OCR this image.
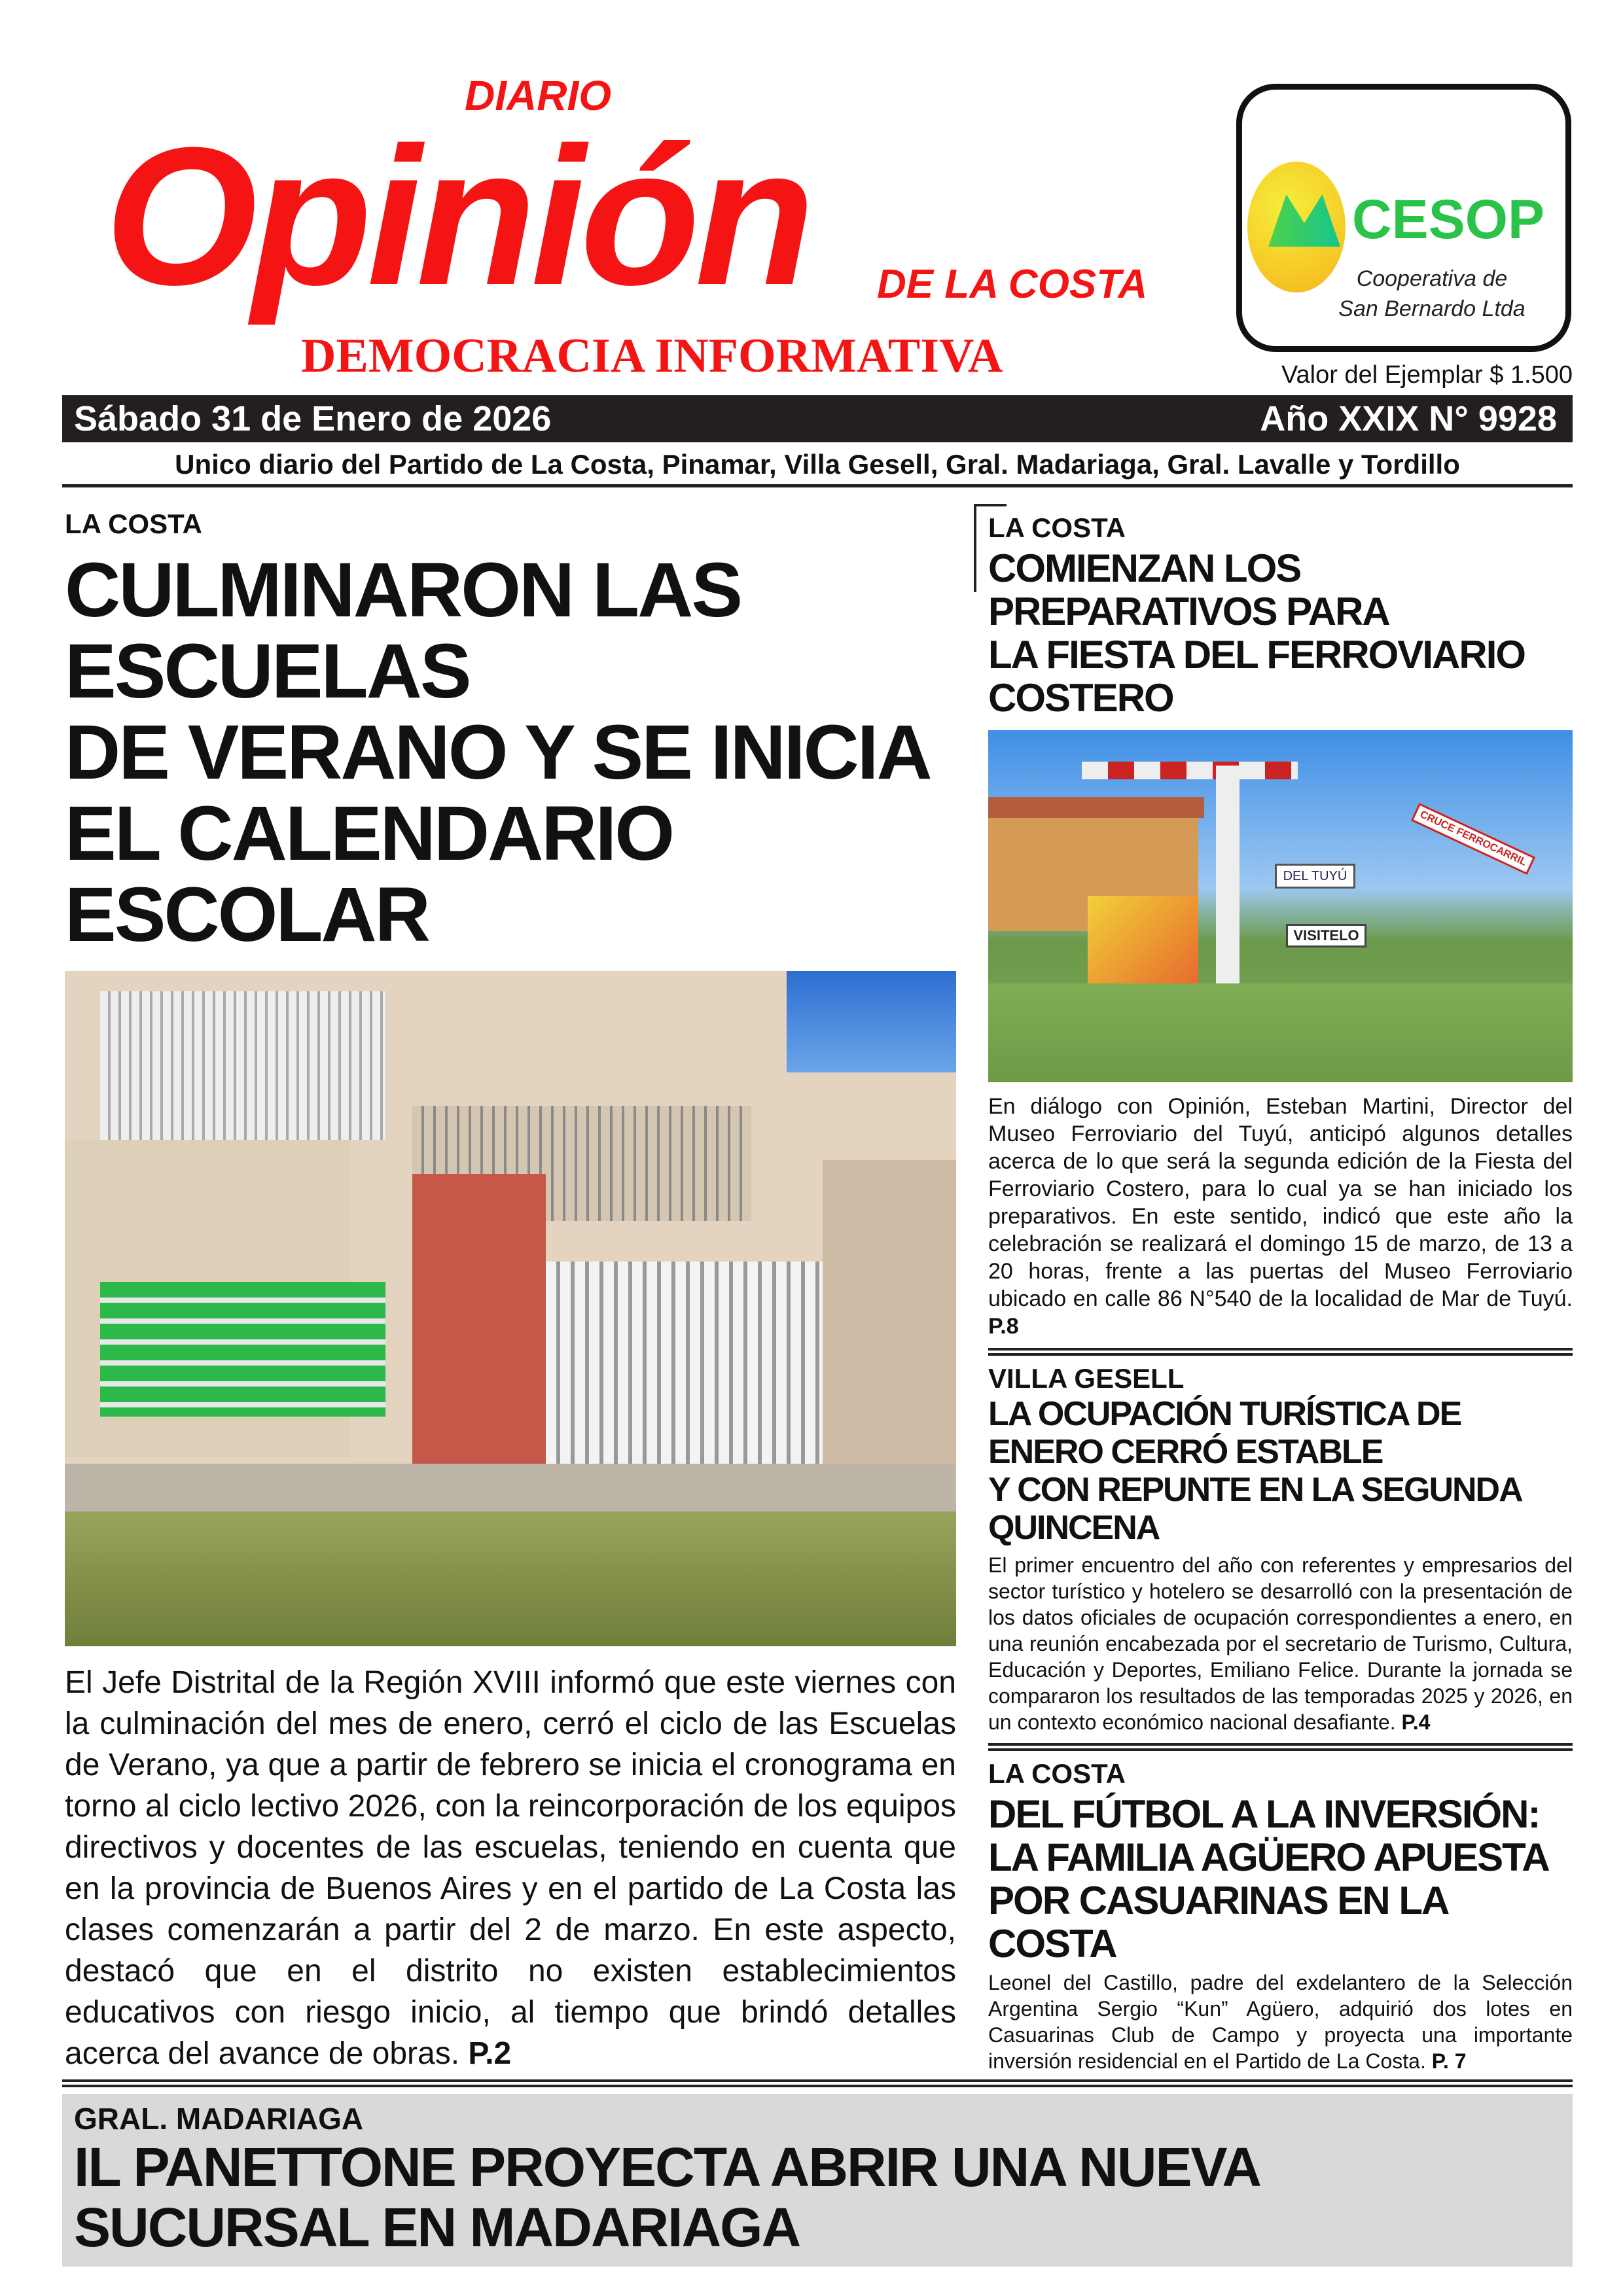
DIARIO
Opinión DE LA COSTA
DEMOCRACIA INFORMATIVA
CESOP
Cooperativa de
San Bernardo Ltda
Valor del Ejemplar $ 1.500
Sábado 31 de Enero de 2026	Año XXIX N° 9928
Unico diario del Partido de La Costa, Pinamar, Villa Gesell, Gral. Madariaga, Gral. Lavalle y Tordillo
LA COSTA
CULMINARON LAS ESCUELAS
DE VERANO Y SE INICIA
EL CALENDARIO ESCOLAR

El Jefe Distrital de la Región XVIII informó que este viernes con la culminación del mes de enero, cerró el ciclo de las Escuelas de Verano, ya que a partir de febrero se inicia el cronograma en torno al ciclo lectivo 2026, con la reincorporación de los equipos directivos y docentes de las escuelas, teniendo en cuenta que en la provincia de Buenos Aires y en el partido de La Costa las clases comenzarán a partir del 2 de marzo. En este aspecto, destacó que en el distrito no existen establecimientos educativos con riesgo inicio, al tiempo que brindó detalles acerca del avance de obras. P.2

LA COSTA
COMIENZAN LOS PREPARATIVOS PARA
LA FIESTA DEL FERROVIARIO COSTERO
DEL TUYÚ
VISITELO
CRUCE FERROCARRIL

En diálogo con Opinión, Esteban Martini, Director del Museo Ferroviario del Tuyú, anticipó algunos detalles acerca de lo que será la segunda edición de la Fiesta del Ferroviario Costero, para lo cual ya se han iniciado los preparativos. En este sentido, indicó que este año la celebración se realizará el domingo 15 de marzo, de 13 a 20 horas, frente a las puertas del Museo Ferroviario ubicado en calle 86 N°540 de la localidad de Mar de Tuyú. P.8

VILLA GESELL
LA OCUPACIÓN TURÍSTICA DE ENERO CERRÓ ESTABLE
Y CON REPUNTE EN LA SEGUNDA QUINCENA

El primer encuentro del año con referentes y empresarios del sector turístico y hotelero se desarrolló con la presentación de los datos oficiales de ocupación correspondientes a enero, en una reunión encabezada por el secretario de Turismo, Cultura, Educación y Deportes, Emiliano Felice. Durante la jornada se compararon los resultados de las temporadas 2025 y 2026, en un contexto económico nacional desafiante. P.4

LA COSTA
DEL FÚTBOL A LA INVERSIÓN:
LA FAMILIA AGÜERO APUESTA
POR CASUARINAS EN LA COSTA

Leonel del Castillo, padre del exdelantero de la Selección Argentina Sergio “Kun” Agüero, adquirió dos lotes en Casuarinas Club de Campo y proyecta una importante inversión residencial en el Partido de La Costa. P. 7

GRAL. MADARIAGA
IL PANETTONE PROYECTA ABRIR UNA NUEVA SUCURSAL EN MADARIAGA
